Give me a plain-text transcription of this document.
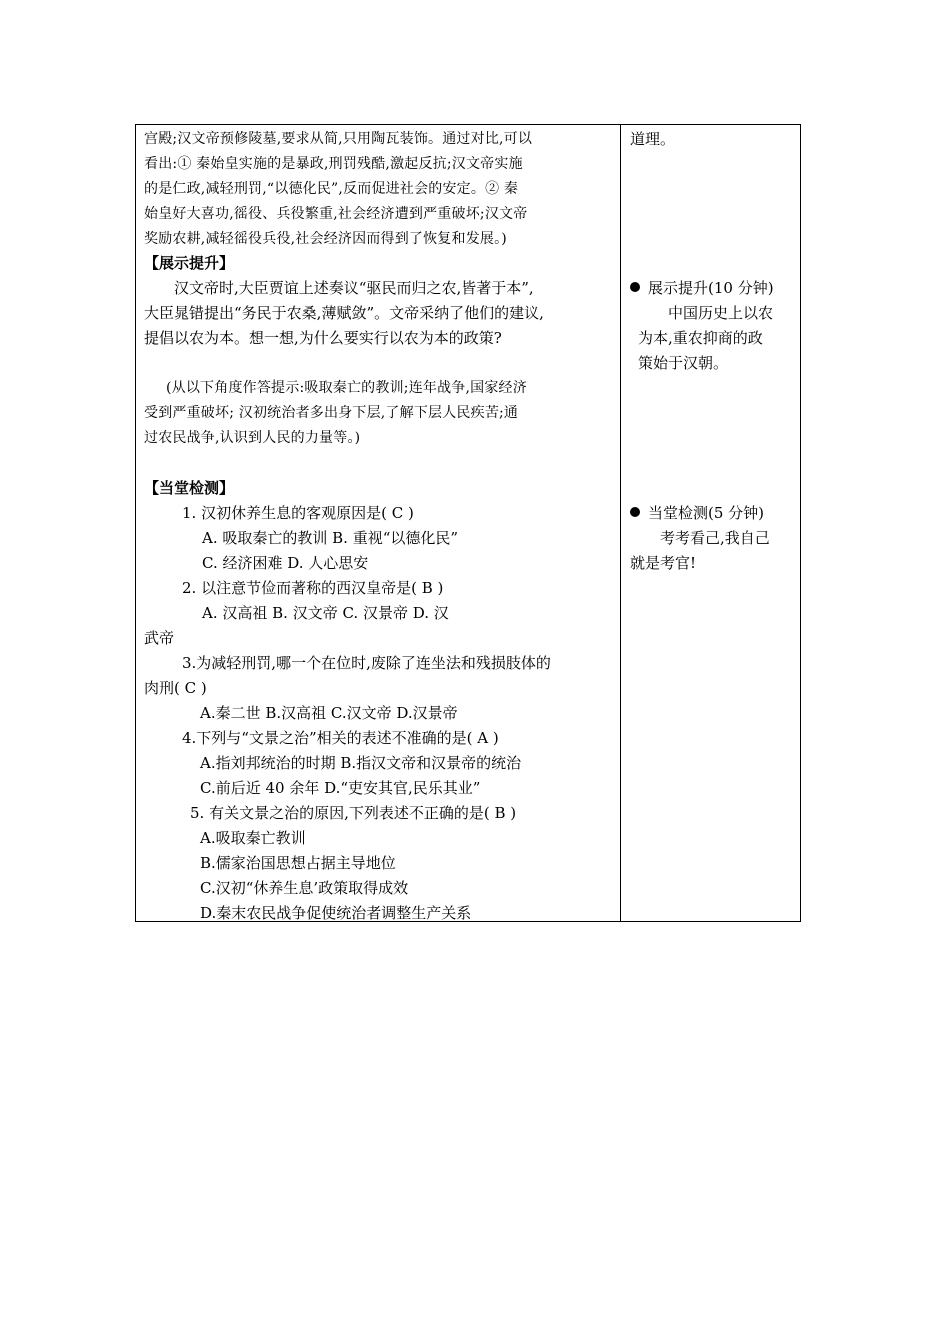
宫殿;汉文帝预修陵墓,要求从简,只用陶瓦装饰。通过对比,可以
看出:① 秦始皇实施的是暴政,刑罚残酷,激起反抗;汉文帝实施
的是仁政,减轻刑罚,“以德化民”,反而促进社会的安定。② 秦
始皇好大喜功,徭役、兵役繁重,社会经济遭到严重破坏;汉文帝
奖励农耕,减轻徭役兵役,社会经济因而得到了恢复和发展。)
【展示提升】
汉文帝时,大臣贾谊上述奏议“驱民而归之农,皆著于本”,
大臣晁错提出“务民于农桑,薄赋敛”。文帝采纳了他们的建议,
提倡以农为本。想一想,为什么要实行以农为本的政策?
(从以下角度作答提示:吸取秦亡的教训;连年战争,国家经济
受到严重破坏; 汉初统治者多出身下层,了解下层人民疾苦;通
过农民战争,认识到人民的力量等。)
【当堂检测】
1. 汉初休养生息的客观原因是( C )
A. 吸取秦亡的教训 B. 重视“以德化民”
C. 经济困难 D. 人心思安
2. 以注意节俭而著称的西汉皇帝是( B )
A. 汉高祖 B. 汉文帝 C. 汉景帝 D. 汉
武帝
3.为减轻刑罚,哪一个在位时,废除了连坐法和残损肢体的
肉刑( C )
A.秦二世 B.汉高祖 C.汉文帝 D.汉景帝
4.下列与“文景之治”相关的表述不准确的是( A )
A.指刘邦统治的时期 B.指汉文帝和汉景帝的统治
C.前后近 40 余年 D.“吏安其官,民乐其业”
5. 有关文景之治的原因,下列表述不正确的是( B )
A.吸取秦亡教训
B.儒家治国思想占据主导地位
C.汉初“休养生息’政策取得成效
D.秦末农民战争促使统治者调整生产关系
道理。
展示提升(10 分钟)
中国历史上以农
为本,重农抑商的政
策始于汉朝。
当堂检测(5 分钟)
考考看己,我自己
就是考官!
